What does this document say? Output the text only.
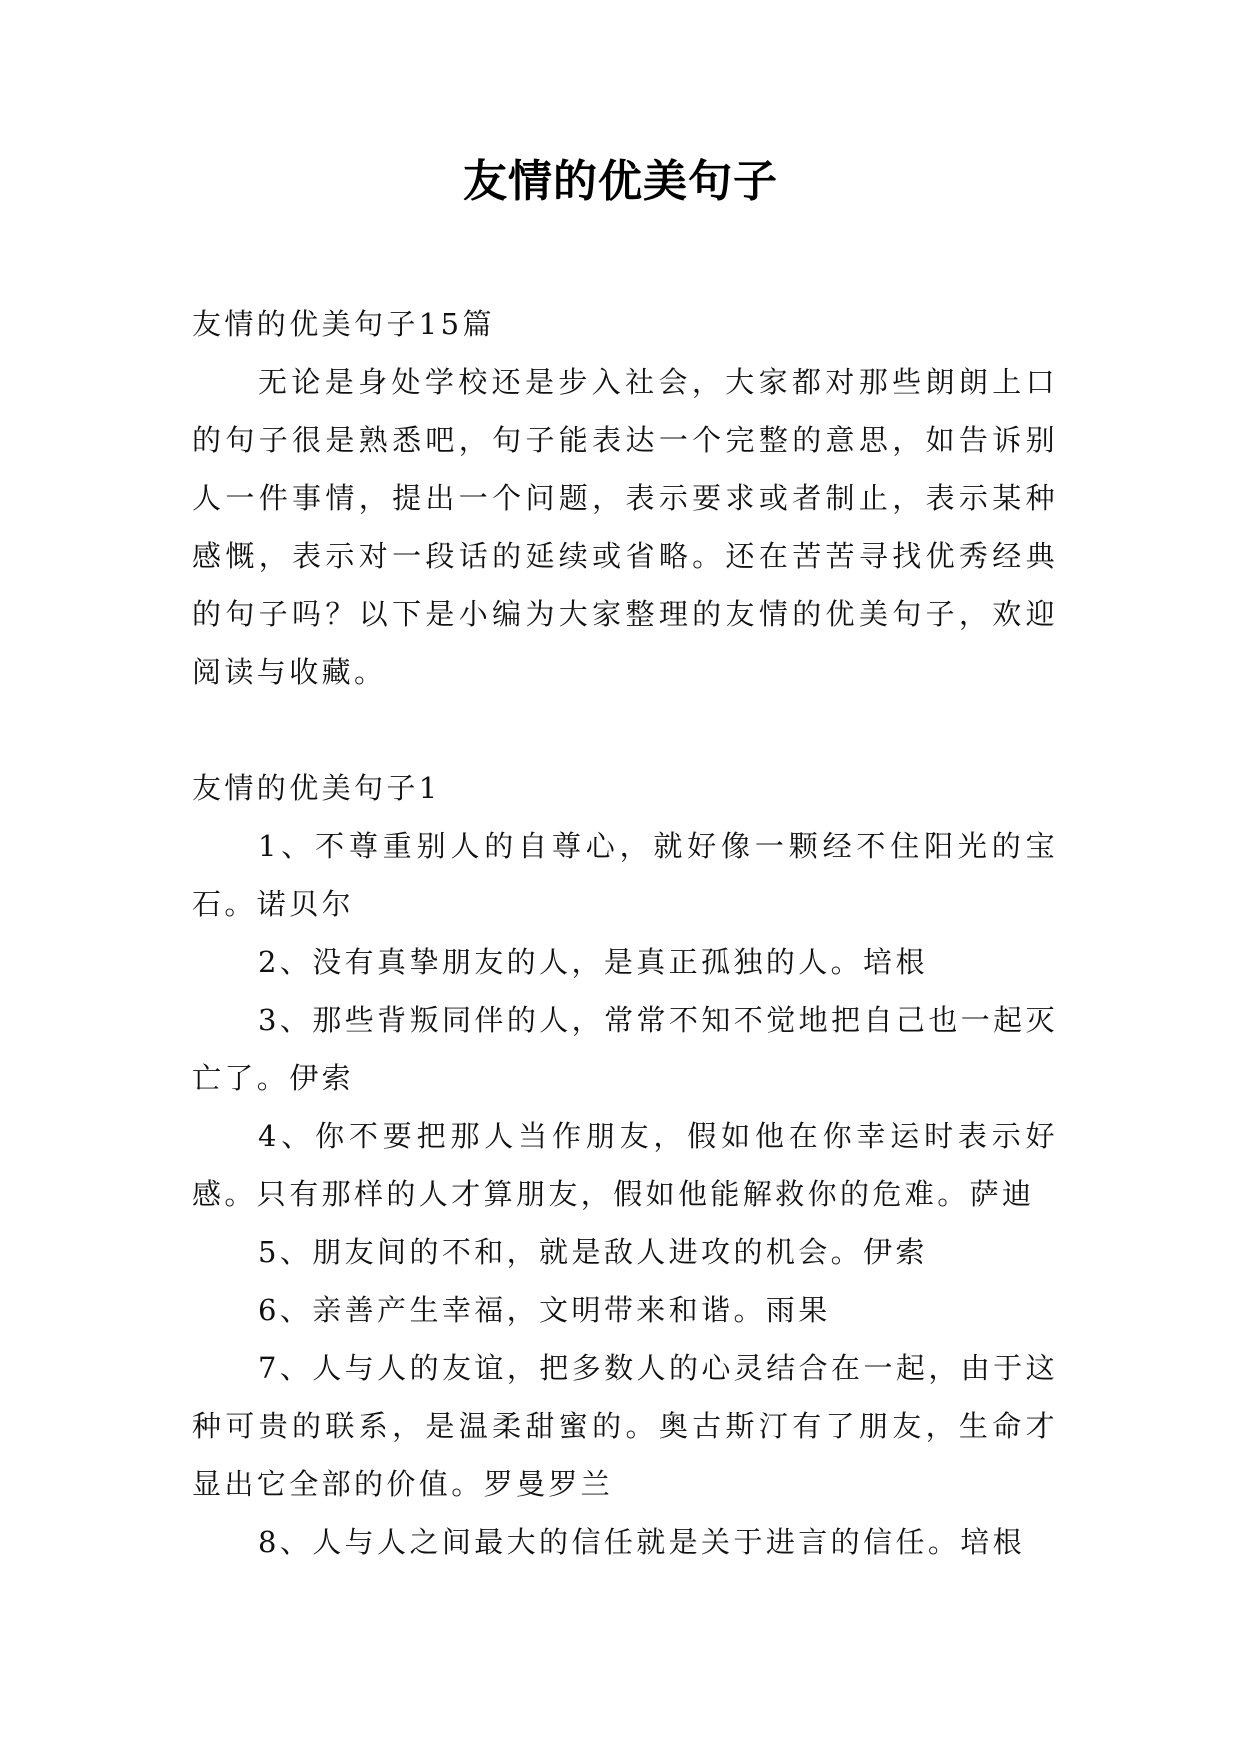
友情的优美句子

友情的优美句子15篇

无论是身处学校还是步入社会，大家都对那些朗朗上口的句子很是熟悉吧，句子能表达一个完整的意思，如告诉别人一件事情，提出一个问题，表示要求或者制止，表示某种感慨，表示对一段话的延续或省略。还在苦苦寻找优秀经典的句子吗？以下是小编为大家整理的友情的优美句子，欢迎阅读与收藏。

友情的优美句子1

1、不尊重别人的自尊心，就好像一颗经不住阳光的宝石。诺贝尔

2、没有真挚朋友的人，是真正孤独的人。培根

3、那些背叛同伴的人，常常不知不觉地把自己也一起灭亡了。伊索

4、你不要把那人当作朋友，假如他在你幸运时表示好感。只有那样的人才算朋友，假如他能解救你的危难。萨迪

5、朋友间的不和，就是敌人进攻的机会。伊索

6、亲善产生幸福，文明带来和谐。雨果

7、人与人的友谊，把多数人的心灵结合在一起，由于这种可贵的联系，是温柔甜蜜的。奥古斯汀有了朋友，生命才显出它全部的价值。罗曼罗兰

8、人与人之间最大的信任就是关于进言的信任。培根
